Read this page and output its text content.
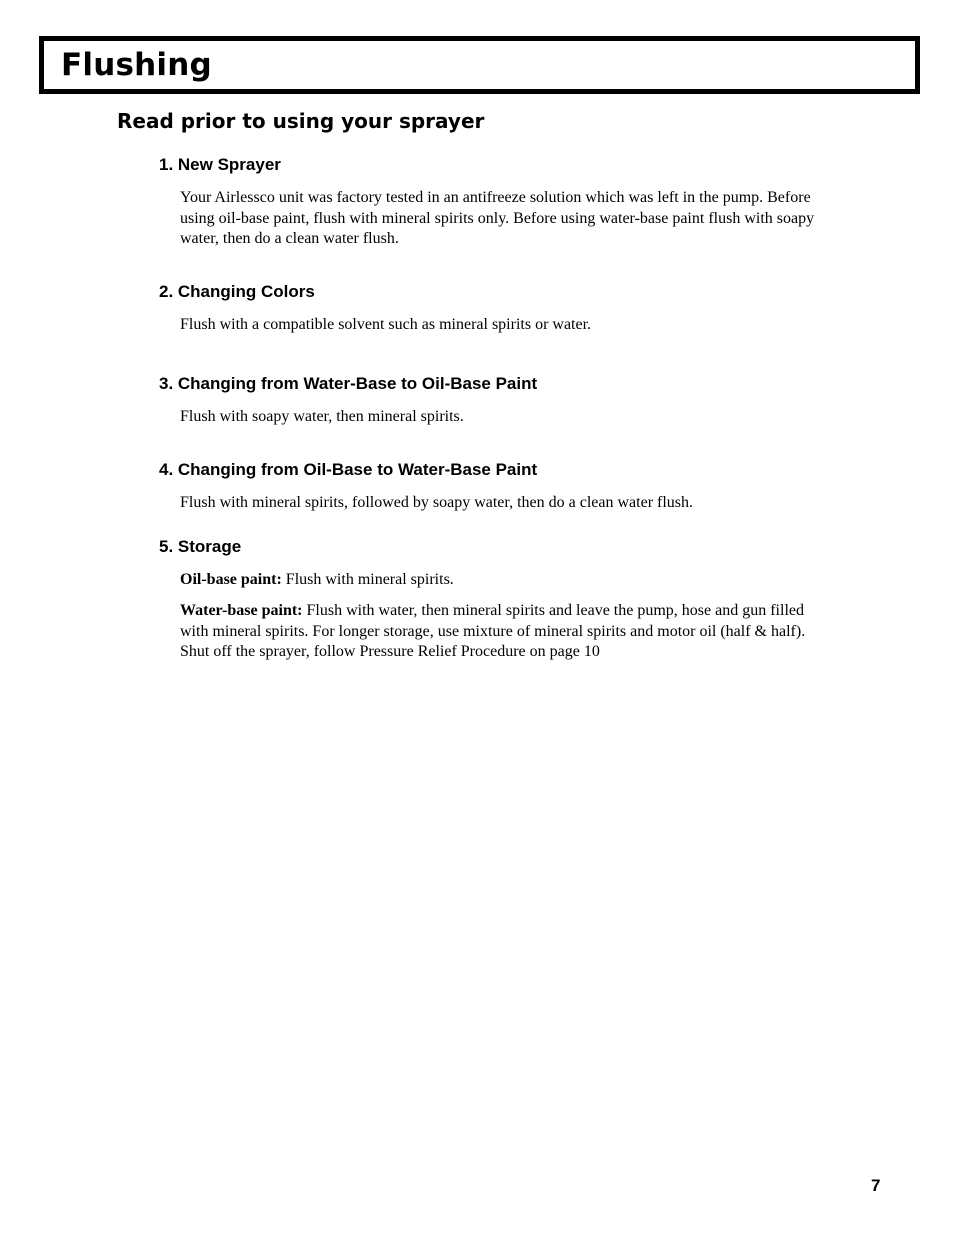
Flushing
Read prior to using your sprayer
1. New Sprayer
Your Airlessco unit was factory tested in an antifreeze solution which was left in the pump. Before using oil-base paint, flush with mineral spirits only. Before using water-base paint flush with soapy water, then do a clean water flush.
2. Changing Colors
Flush with a compatible solvent such as mineral spirits or water.
3. Changing from Water-Base to Oil-Base Paint
Flush with soapy water, then mineral spirits.
4. Changing from Oil-Base to Water-Base Paint
Flush with mineral spirits, followed by soapy water, then do a clean water flush.
5. Storage
Oil-base paint: Flush with mineral spirits.
Water-base paint: Flush with water, then mineral spirits and leave the pump, hose and gun filled with mineral spirits. For longer storage, use mixture of mineral spirits and motor oil (half & half). Shut off the sprayer, follow Pressure Relief Procedure on page 10
7
